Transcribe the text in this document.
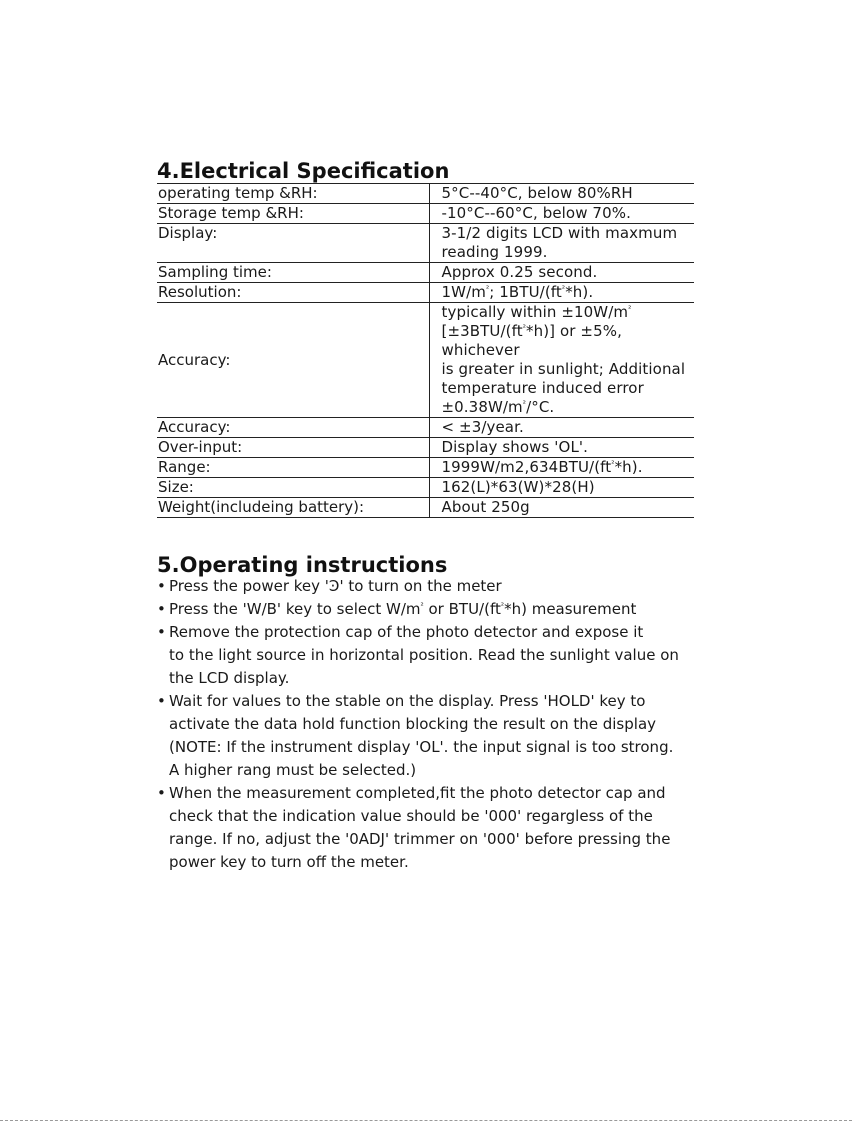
4.Electrical Specification
operating temp &RH:	5°C--40°C, below 80%RH
Storage temp &RH:	-10°C--60°C, below 70%.
Display:	3-1/2 digits LCD with maxmum
reading 1999.
Sampling time:	Approx 0.25 second.
Resolution:	$1W/m^{^2}$; $1BTU/(ft^{^2}*h)$.
Accuracy:	typically within $\pm 10W/m^{^2}$
$[\pm 3BTU/(ft^{^2}*h)]$ or ±5%, whichever
is greater in sunlight; Additional
temperature induced error
$\pm 0.38W/m^{^2}/^\circ C$.
Accuracy:	< ±3/year.
Over-input:	Display shows 'OL'.
Range:	$1999W/m2,634BTU/(ft^{^2}*h)$.
Size:	162(L)*63(W)*28(H)
Weight(includeing battery):	About 250g
5.Operating instructions
• Press the power key 'Ͽ' to turn on the meter
• Press the 'W/B' key to select $W/m^{^2}$ or BTU/$(ft^{^2}*h)$ measurement
• Remove the protection cap of the photo detector and expose it
to the light source in horizontal position. Read the sunlight value on
the LCD display.
• Wait for values to the stable on the display. Press 'HOLD' key to
activate the data hold function blocking the result on the display
(NOTE: If the instrument display 'OL'. the input signal is too strong.
A higher rang must be selected.)
• When the measurement completed,fit the photo detector cap and
check that the indication value should be '000' regargless of the
range. If no, adjust the '0ADJ' trimmer on '000' before pressing the
power key to turn off the meter.
